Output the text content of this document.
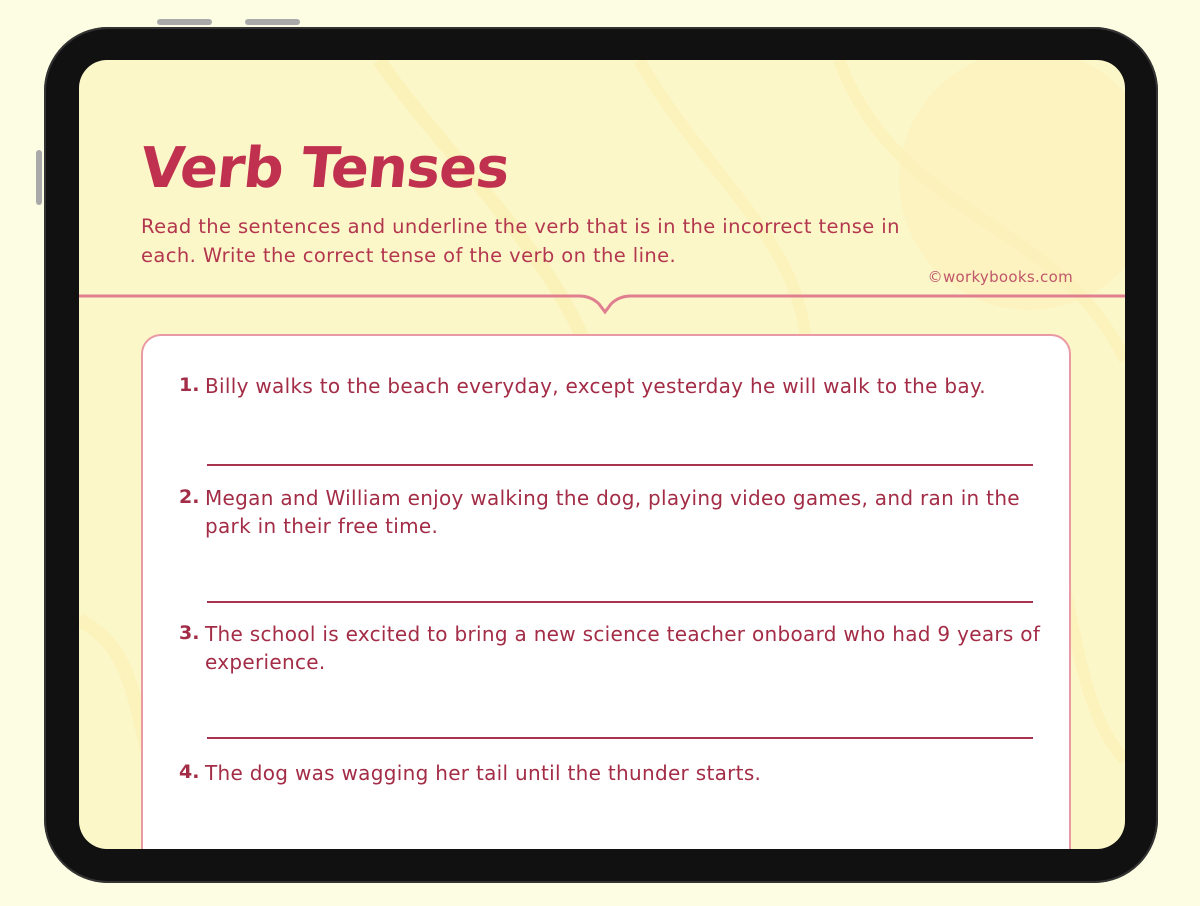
Verb Tenses

Read the sentences and underline the verb that is in the incorrect tense in each. Write the correct tense of the verb on the line.

©workybooks.com
1. Billy walks to the beach everyday, except yesterday he will walk to the bay.
2. Megan and William enjoy walking the dog, playing video games, and ran in the park in their free time.
3. The school is excited to bring a new science teacher onboard who had 9 years of experience.
4. The dog was wagging her tail until the thunder starts.
